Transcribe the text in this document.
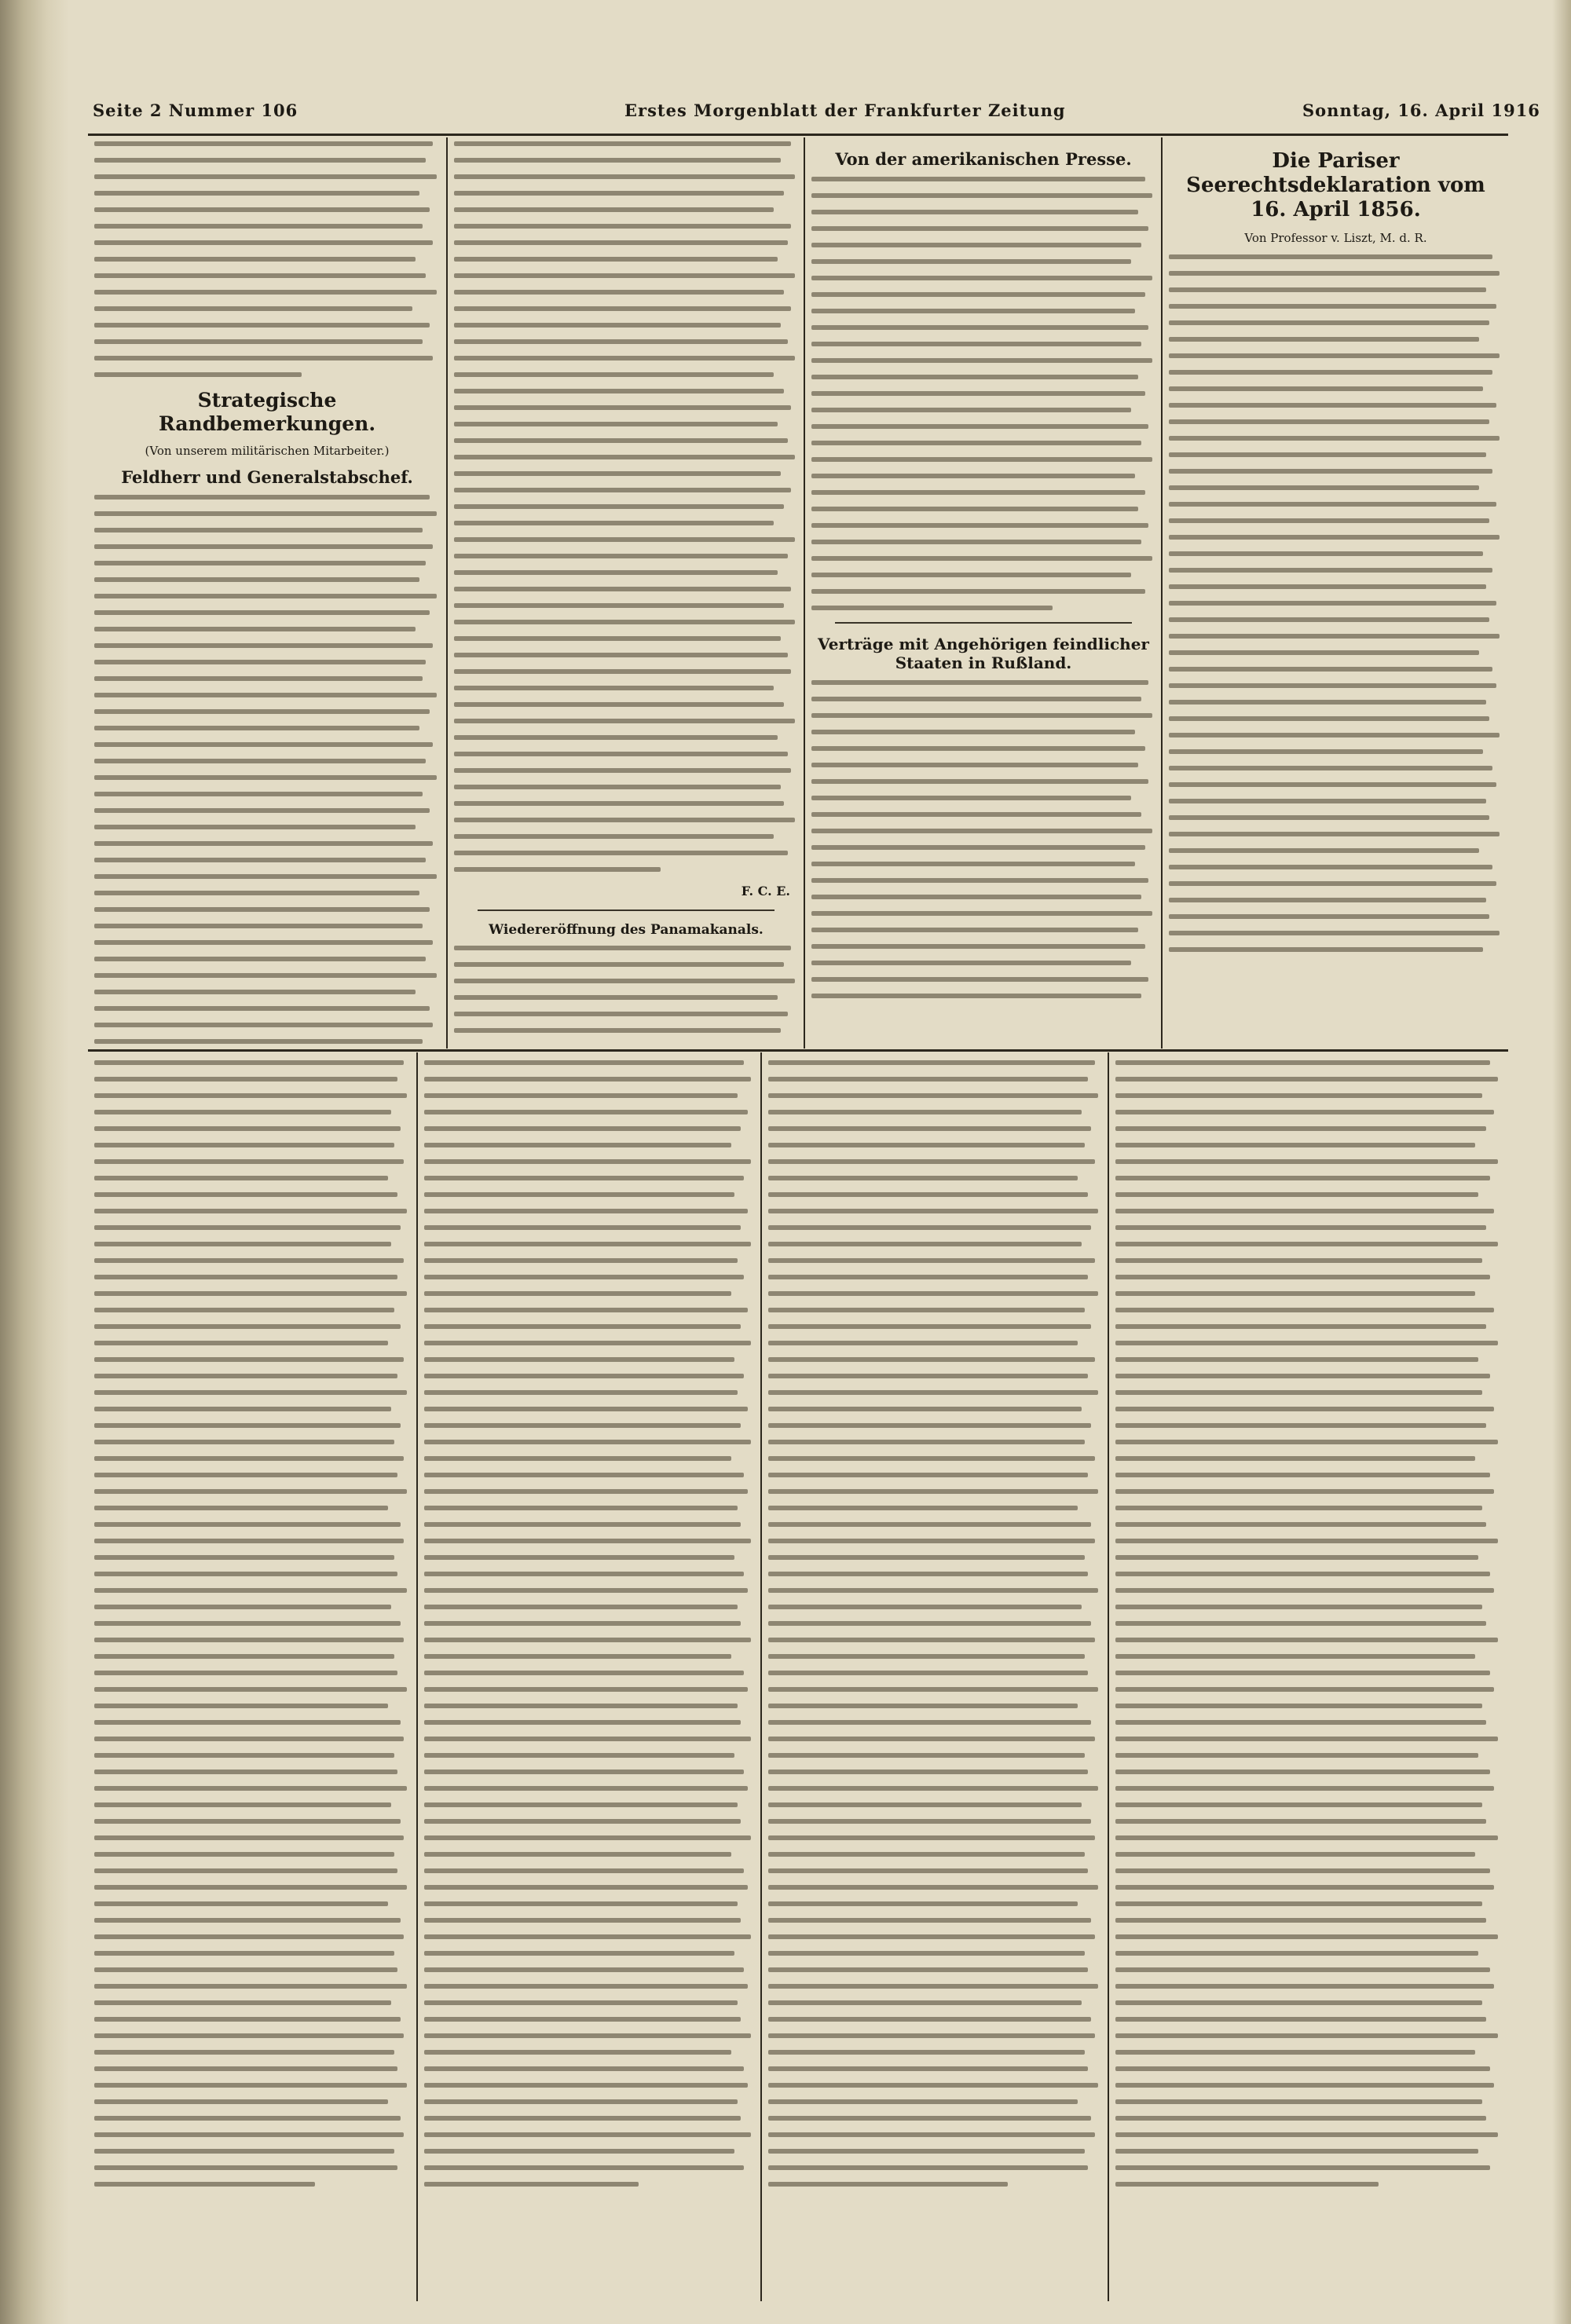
Seite 2 Nummer 106	Erstes Morgenblatt der Frankfurter Zeitung	Sonntag, 16. April 1916
Strategische Randbemerkungen.
(Von unserem militärischen Mitarbeiter.)
Feldherr und Generalstabschef.
F. C. E.
Wiedereröffnung des Panamakanals.
Von der amerikanischen Presse.
Verträge mit Angehörigen feindlicher Staaten in Rußland.
Die Pariser Seerechtsdeklaration vom 16. April 1856.
Von Professor v. Liszt, M. d. R.
